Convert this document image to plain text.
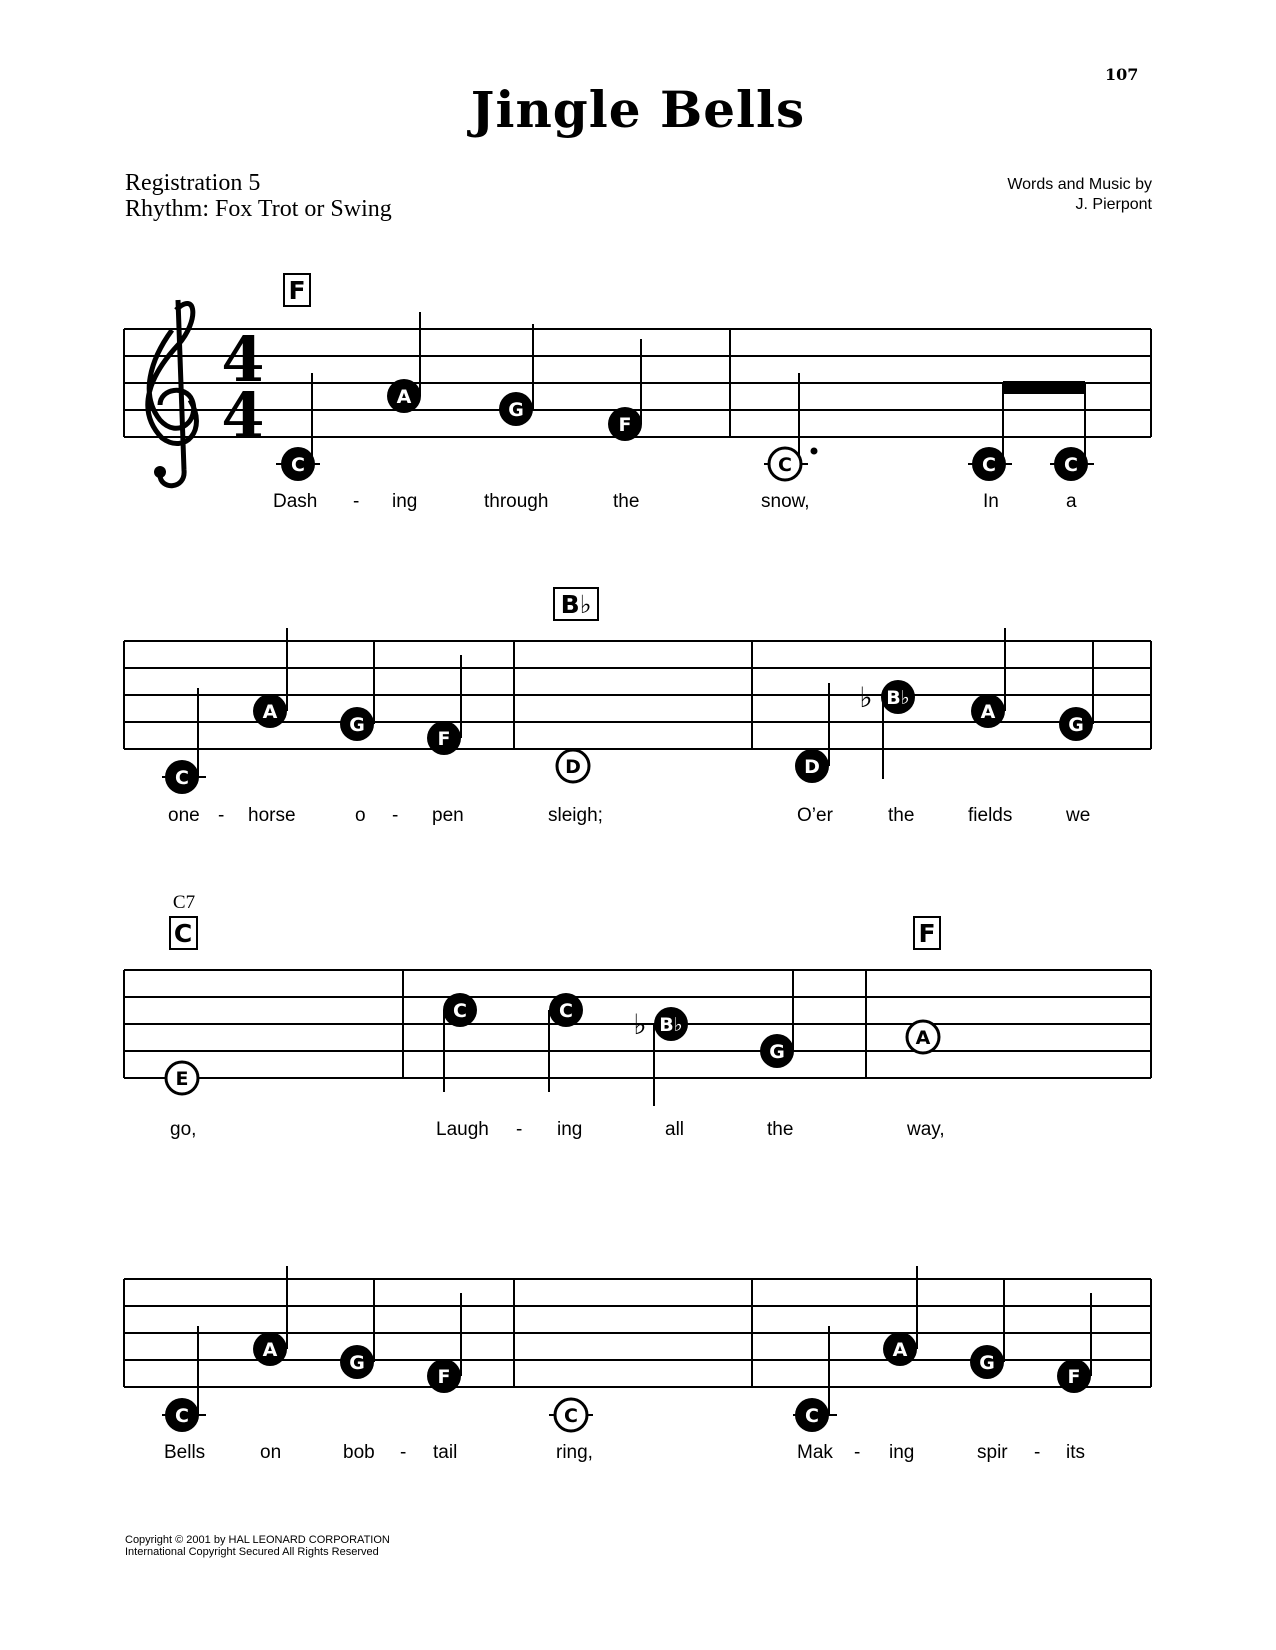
107
Jingle Bells
Registration 5
Rhythm: Fox Trot or Swing
Words and Music by
J. Pierpont
Copyright © 2001 by HAL LEONARD CORPORATION
International Copyright Secured All Rights Reserved
4
4
F
C
A
G
F
C	C	C
Dash - ing	through	the	snow,	In	a
B♭
C
A
G
F
D	D
♭ B♭
A
G
one - horse	o - pen	sleigh;	O’er	the	fields	we
C7
C	F
E
C	C ♭ B♭
G
A
go,	Laugh - ing	all	the	way,
C
A
G
F
C	C
A
G
F
Bells	on	bob - tail	ring,	Mak - ing	spir - its
